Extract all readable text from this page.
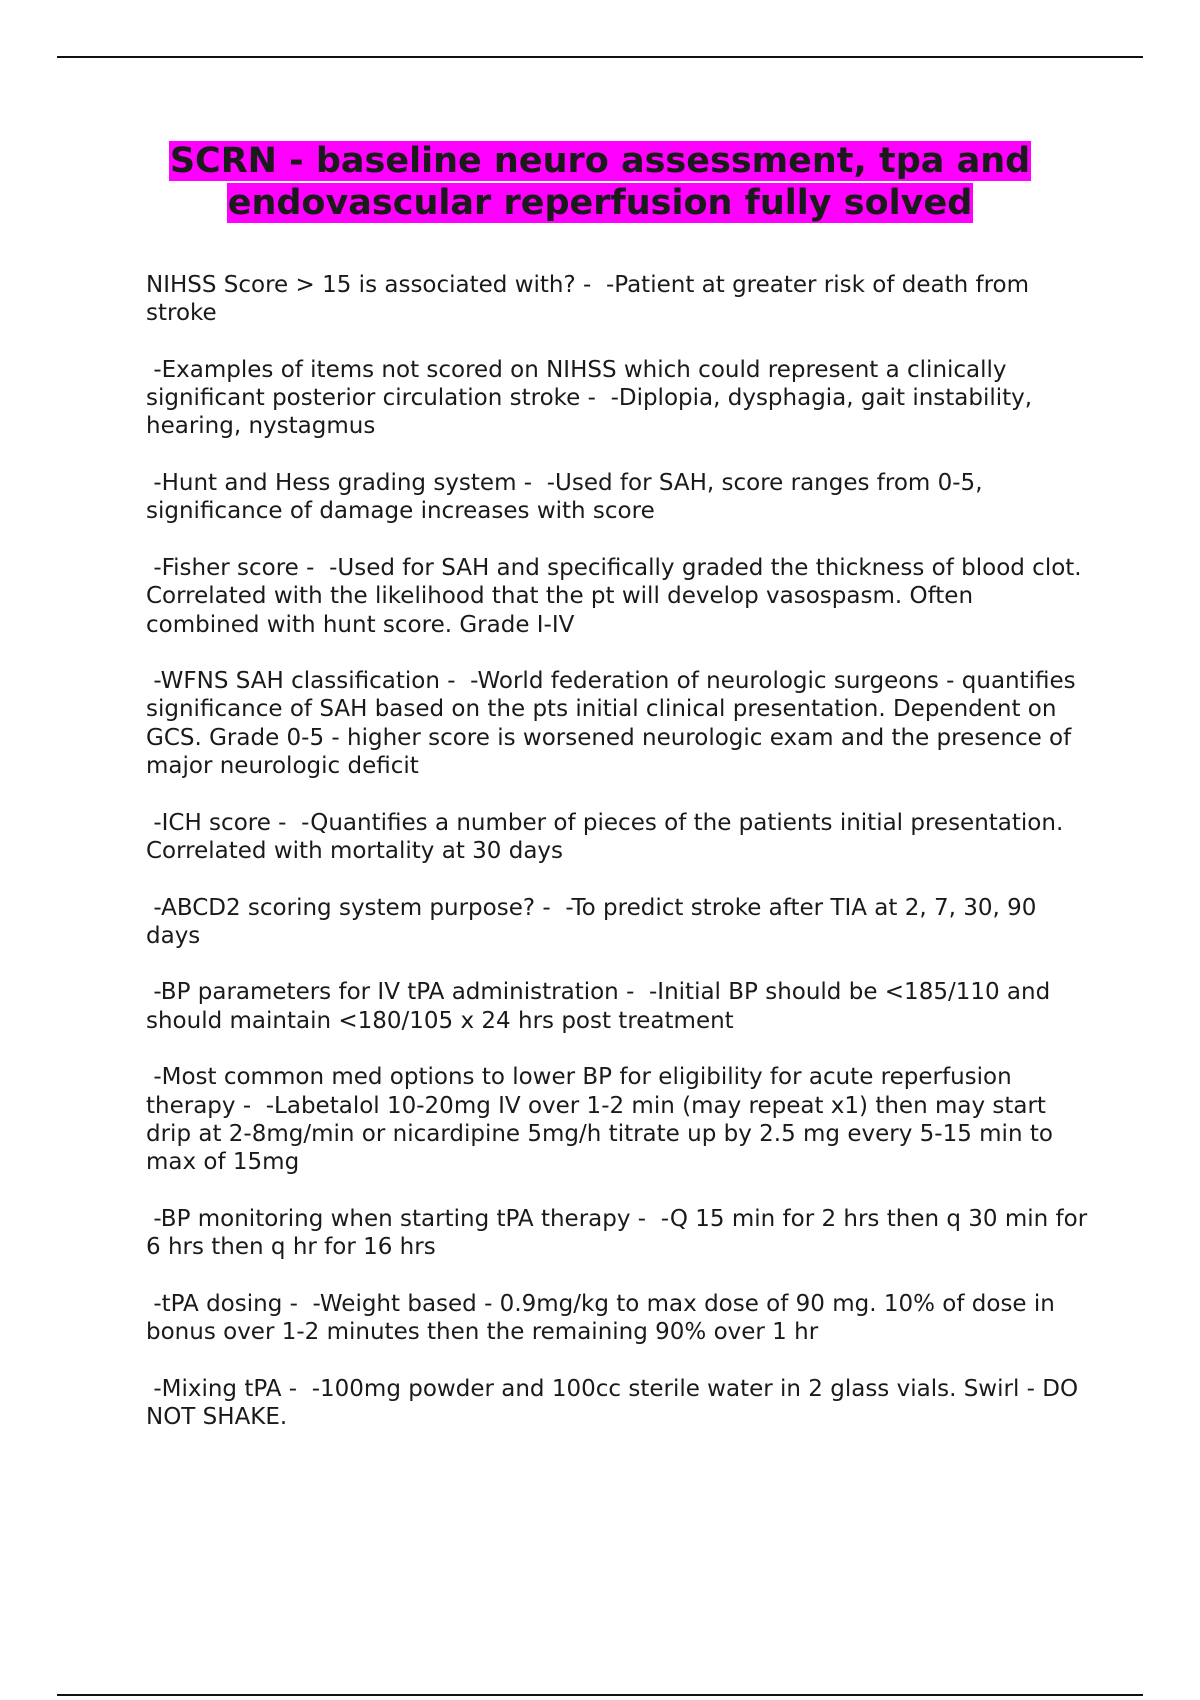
SCRN - baseline neuro assessment, tpa and endovascular reperfusion fully solved

NIHSS Score > 15 is associated with? -  -Patient at greater risk of death from stroke

-Examples of items not scored on NIHSS which could represent a clinically significant posterior circulation stroke -  -Diplopia, dysphagia, gait instability, hearing, nystagmus

-Hunt and Hess grading system -  -Used for SAH, score ranges from 0-5, significance of damage increases with score

-Fisher score -  -Used for SAH and specifically graded the thickness of blood clot. Correlated with the likelihood that the pt will develop vasospasm. Often combined with hunt score. Grade I-IV

-WFNS SAH classification -  -World federation of neurologic surgeons - quantifies significance of SAH based on the pts initial clinical presentation. Dependent on GCS. Grade 0-5 - higher score is worsened neurologic exam and the presence of major neurologic deficit

-ICH score -  -Quantifies a number of pieces of the patients initial presentation. Correlated with mortality at 30 days

-ABCD2 scoring system purpose? -  -To predict stroke after TIA at 2, 7, 30, 90 days

-BP parameters for IV tPA administration -  -Initial BP should be <185/110 and should maintain <180/105 x 24 hrs post treatment

-Most common med options to lower BP for eligibility for acute reperfusion therapy -  -Labetalol 10-20mg IV over 1-2 min (may repeat x1) then may start drip at 2-8mg/min or nicardipine 5mg/h titrate up by 2.5 mg every 5-15 min to max of 15mg

-BP monitoring when starting tPA therapy -  -Q 15 min for 2 hrs then q 30 min for 6 hrs then q hr for 16 hrs

-tPA dosing -  -Weight based - 0.9mg/kg to max dose of 90 mg. 10% of dose in bonus over 1-2 minutes then the remaining 90% over 1 hr

-Mixing tPA -  -100mg powder and 100cc sterile water in 2 glass vials. Swirl - DO NOT SHAKE.
